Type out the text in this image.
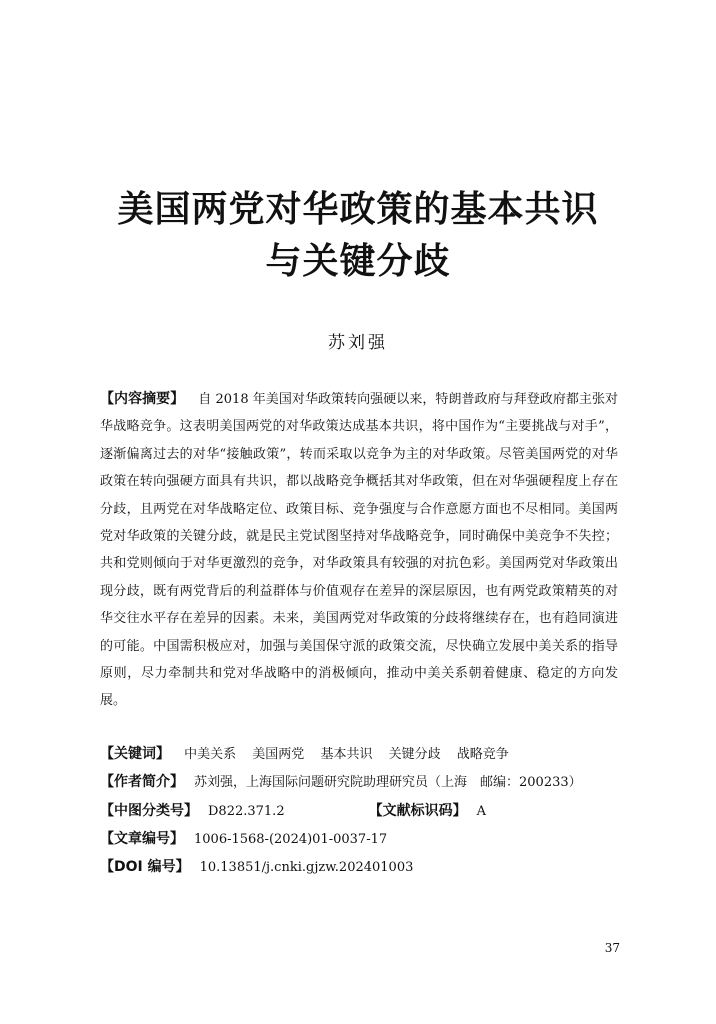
美国两党对华政策的基本共识
与关键分歧
苏刘强

【内容摘要】 自 2018 年美国对华政策转向强硬以来，特朗普政府与拜登政府都主张对华战略竞争。这表明美国两党的对华政策达成基本共识，将中国作为“主要挑战与对手”，逐渐偏离过去的对华“接触政策”，转而采取以竞争为主的对华政策。尽管美国两党的对华政策在转向强硬方面具有共识，都以战略竞争概括其对华政策，但在对华强硬程度上存在分歧，且两党在对华战略定位、政策目标、竞争强度与合作意愿方面也不尽相同。美国两党对华政策的关键分歧，就是民主党试图坚持对华战略竞争，同时确保中美竞争不失控；共和党则倾向于对华更激烈的竞争，对华政策具有较强的对抗色彩。美国两党对华政策出现分歧，既有两党背后的利益群体与价值观存在差异的深层原因，也有两党政策精英的对华交往水平存在差异的因素。未来，美国两党对华政策的分歧将继续存在，也有趋同演进的可能。中国需积极应对，加强与美国保守派的政策交流，尽快确立发展中美关系的指导原则，尽力牵制共和党对华战略中的消极倾向，推动中美关系朝着健康、稳定的方向发展。

【关键词】 中美关系 美国两党 基本共识 关键分歧 战略竞争
【作者简介】 苏刘强，上海国际问题研究院助理研究员（上海　邮编：200233）
【中图分类号】 D822.371.2	【文献标识码】 A
【文章编号】 1006-1568-(2024)01-0037-17
【DOI 编号】 10.13851/j.cnki.gjzw.202401003
37
